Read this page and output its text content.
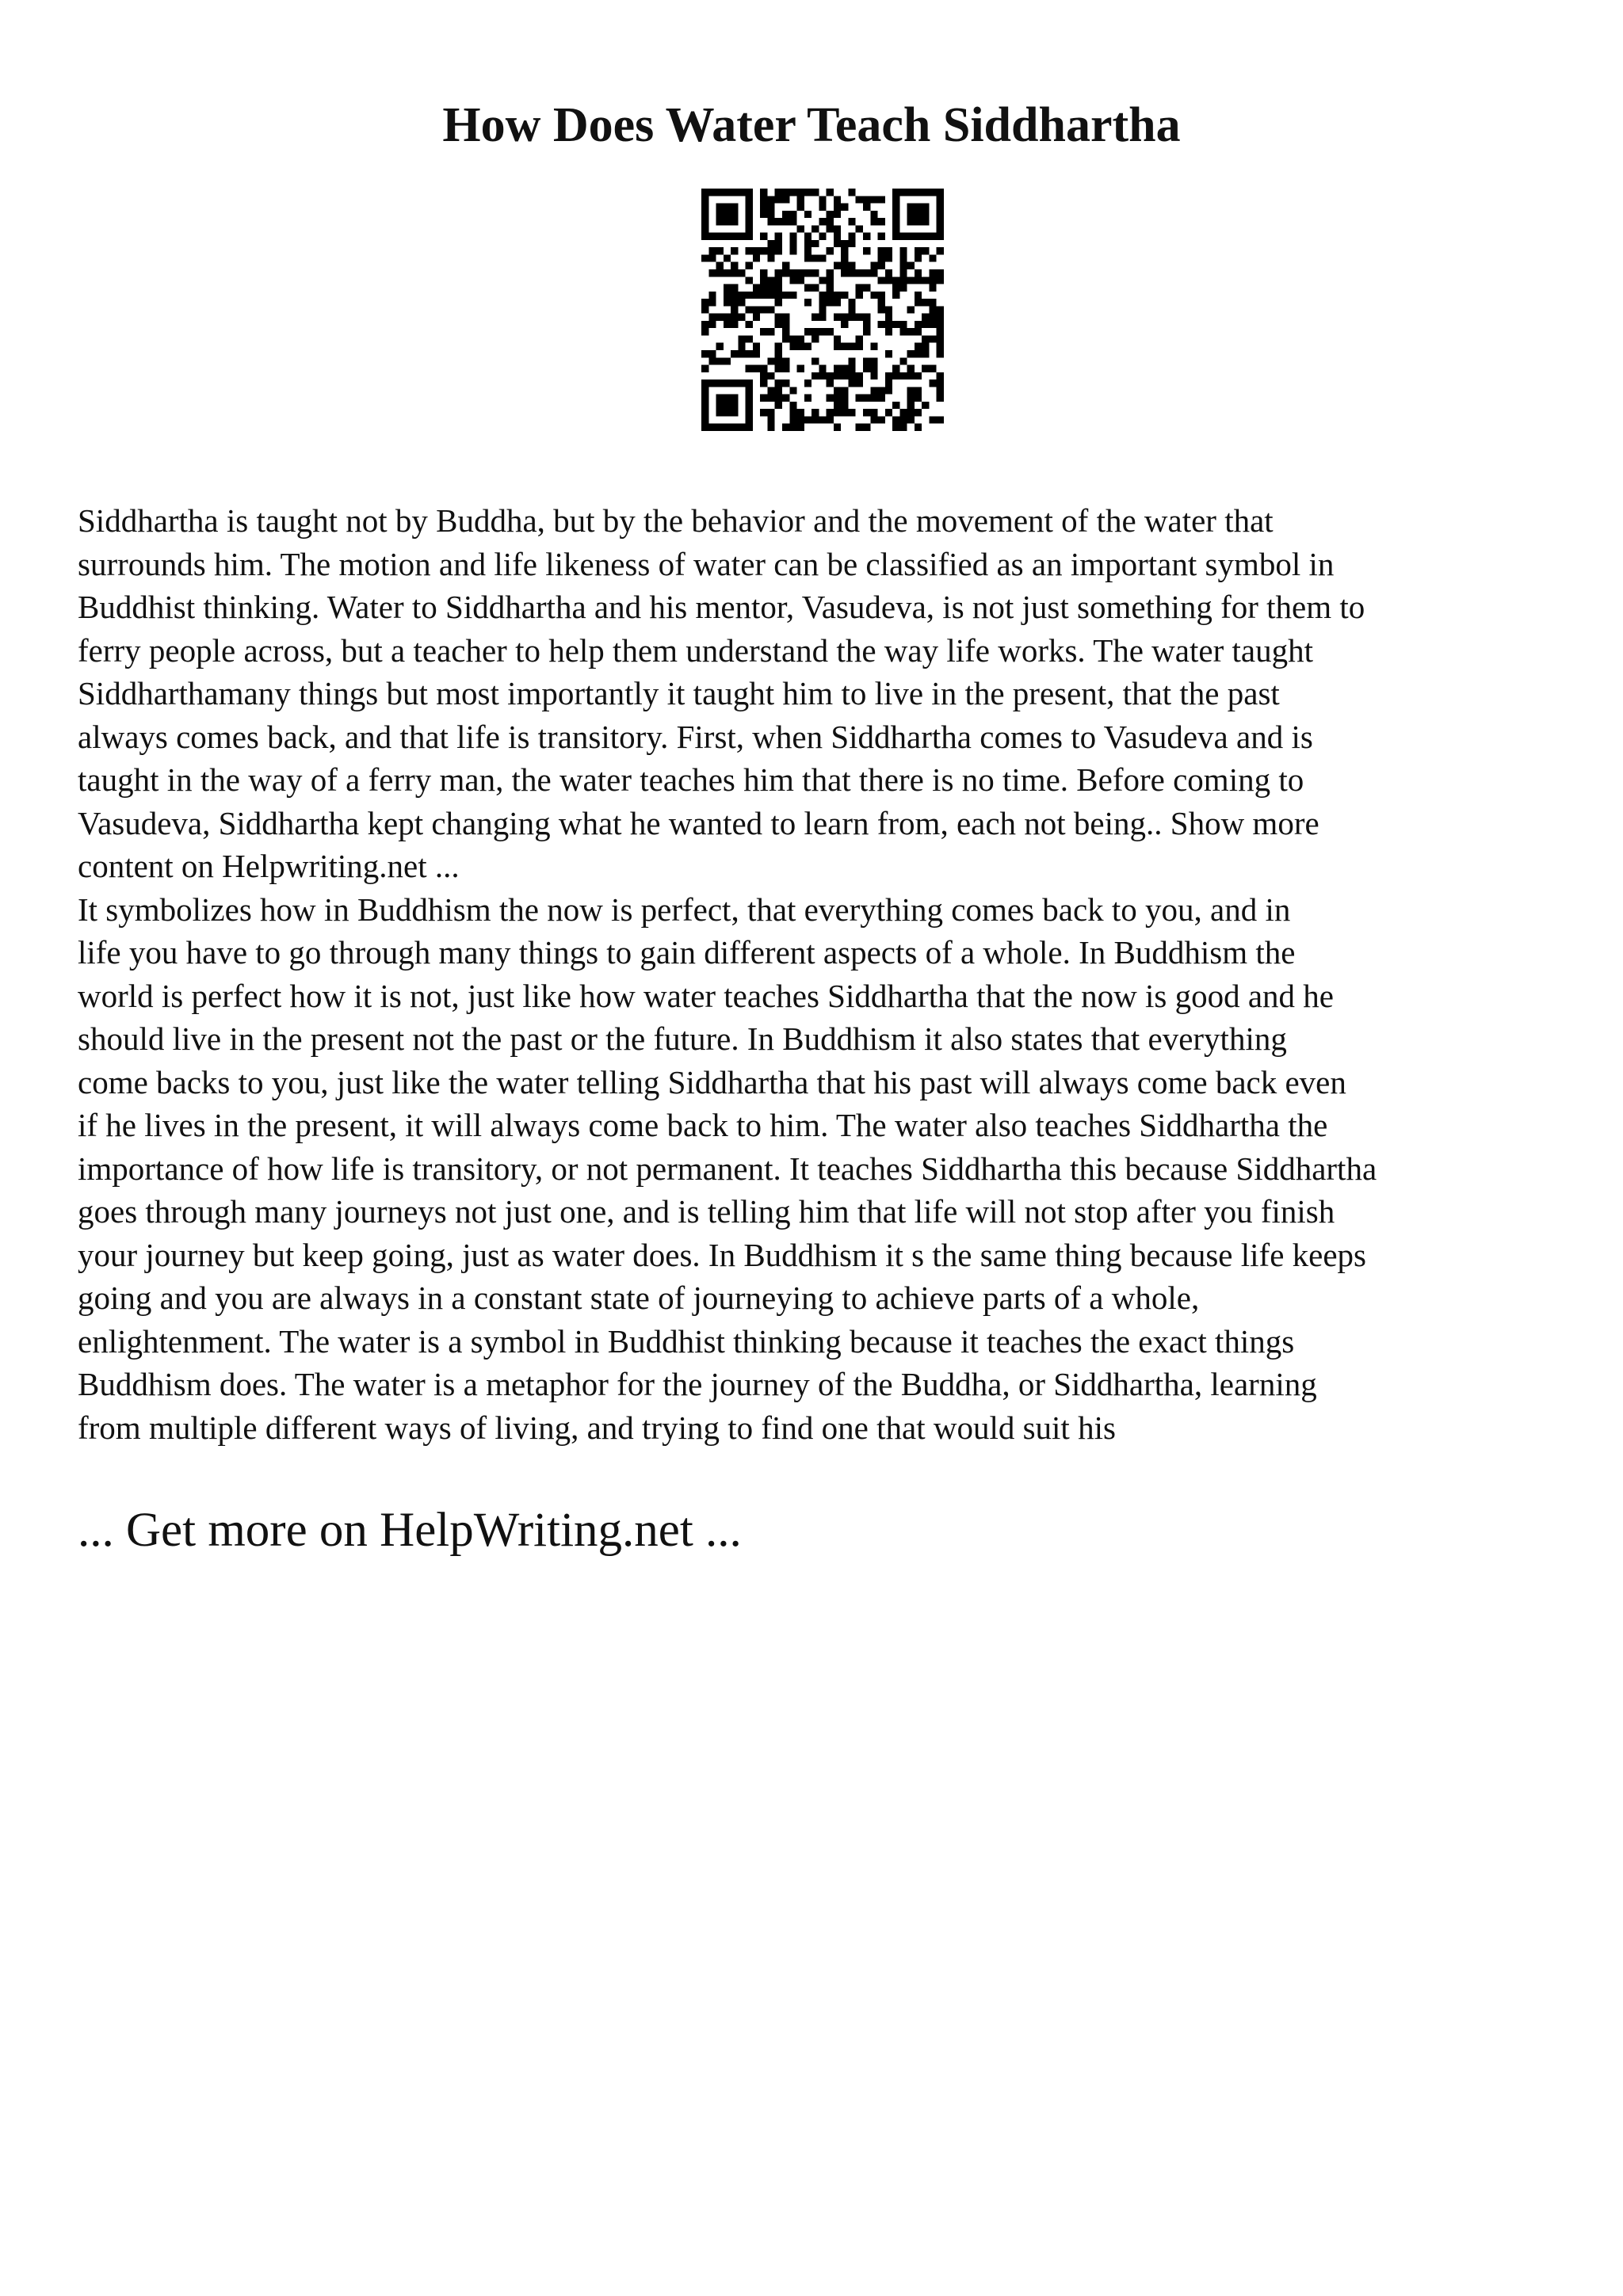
How Does Water Teach Siddhartha
Siddhartha is taught not by Buddha, but by the behavior and the movement of the water that
surrounds him. The motion and life likeness of water can be classified as an important symbol in
Buddhist thinking. Water to Siddhartha and his mentor, Vasudeva, is not just something for them to
ferry people across, but a teacher to help them understand the way life works. The water taught
Siddharthamany things but most importantly it taught him to live in the present, that the past
always comes back, and that life is transitory. First, when Siddhartha comes to Vasudeva and is
taught in the way of a ferry man, the water teaches him that there is no time. Before coming to
Vasudeva, Siddhartha kept changing what he wanted to learn from, each not being.. Show more
content on Helpwriting.net ...
It symbolizes how in Buddhism the now is perfect, that everything comes back to you, and in
life you have to go through many things to gain different aspects of a whole. In Buddhism the
world is perfect how it is not, just like how water teaches Siddhartha that the now is good and he
should live in the present not the past or the future. In Buddhism it also states that everything
come backs to you, just like the water telling Siddhartha that his past will always come back even
if he lives in the present, it will always come back to him. The water also teaches Siddhartha the
importance of how life is transitory, or not permanent. It teaches Siddhartha this because Siddhartha
goes through many journeys not just one, and is telling him that life will not stop after you finish
your journey but keep going, just as water does. In Buddhism it s the same thing because life keeps
going and you are always in a constant state of journeying to achieve parts of a whole,
enlightenment. The water is a symbol in Buddhist thinking because it teaches the exact things
Buddhism does. The water is a metaphor for the journey of the Buddha, or Siddhartha, learning
from multiple different ways of living, and trying to find one that would suit his

... Get more on HelpWriting.net ...
